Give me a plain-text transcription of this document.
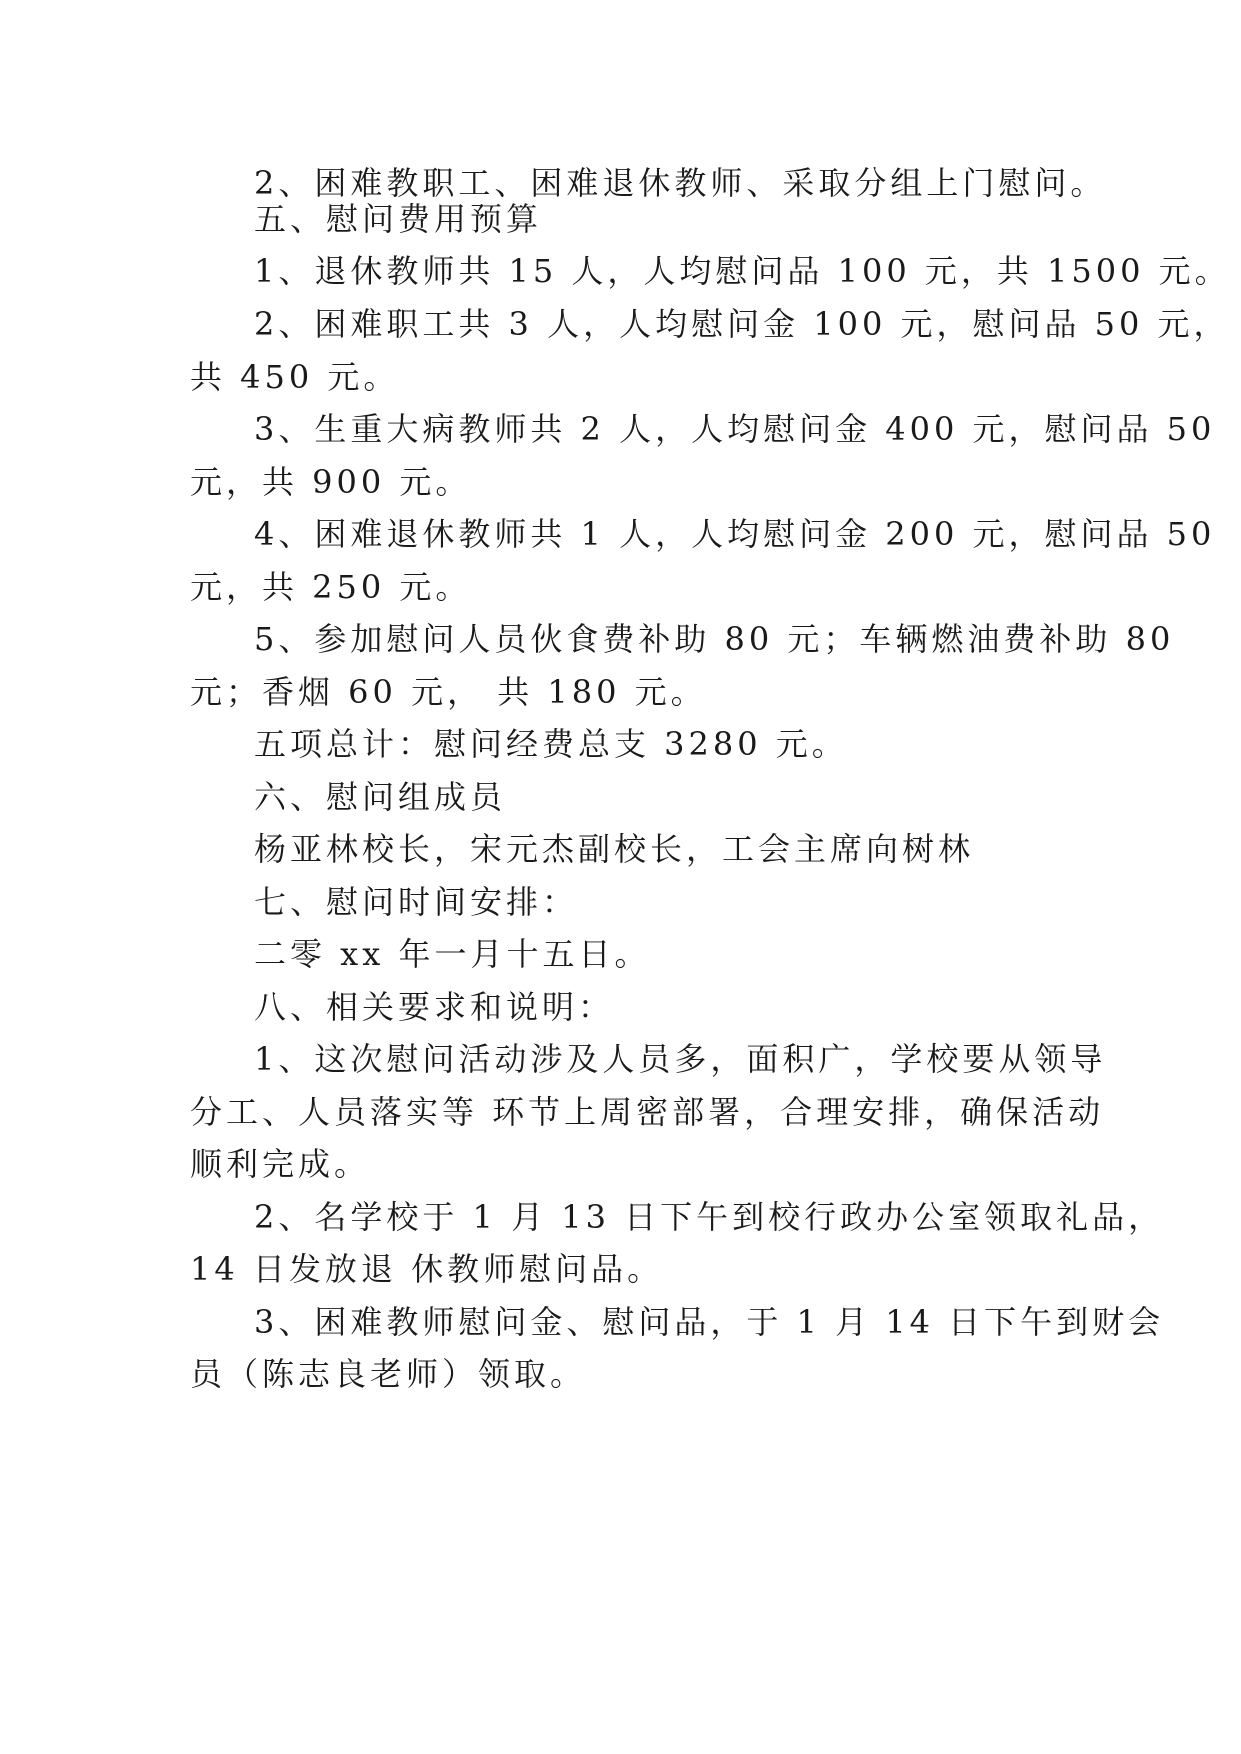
2、困难教职工、困难退休教师、采取分组上门慰问。
五、慰问费用预算
1、退休教师共 15 人，人均慰问品 100 元，共 1500 元。
2、困难职工共 3 人，人均慰问金 100 元，慰问品 50 元，
共 450 元。
3、生重大病教师共 2 人，人均慰问金 400 元，慰问品 50
元，共 900 元。
4、困难退休教师共 1 人，人均慰问金 200 元，慰问品 50
元，共 250 元。
5、参加慰问人员伙食费补助 80 元；车辆燃油费补助 80
元；香烟 60 元， 共 180 元。
五项总计：慰问经费总支 3280 元。
六、慰问组成员
杨亚林校长，宋元杰副校长，工会主席向树林
七、慰问时间安排：
二零 xx 年一月十五日。
八、相关要求和说明：
1、这次慰问活动涉及人员多，面积广，学校要从领导
分工、人员落实等 环节上周密部署，合理安排，确保活动
顺利完成。
2、名学校于 1 月 13 日下午到校行政办公室领取礼品，
14 日发放退 休教师慰问品。
3、困难教师慰问金、慰问品，于 1 月 14 日下午到财会
员（陈志良老师）领取。
